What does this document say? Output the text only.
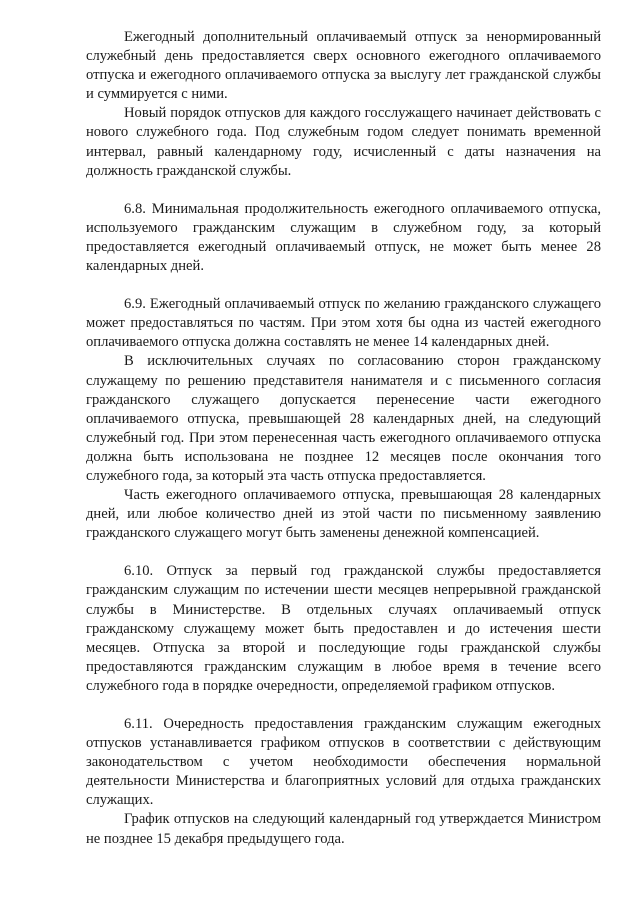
Ежегодный дополнительный оплачиваемый отпуск за ненормированный служебный день предоставляется сверх основного ежегодного оплачиваемого отпуска и ежегодного оплачиваемого отпуска за выслугу лет гражданской службы и суммируется с ними.

Новый порядок отпусков для каждого госслужащего начинает действовать с нового служебного года. Под служебным годом следует понимать временной интервал, равный календарному году, исчисленный с даты назначения на должность гражданской службы.

6.8. Минимальная продолжительность ежегодного оплачиваемого отпуска, используемого гражданским служащим в служебном году, за который предоставляется ежегодный оплачиваемый отпуск, не может быть менее 28 календарных дней.

6.9. Ежегодный оплачиваемый отпуск по желанию гражданского служащего может предоставляться по частям. При этом хотя бы одна из частей ежегодного оплачиваемого отпуска должна составлять не менее 14 календарных дней.

В исключительных случаях по согласованию сторон гражданскому служащему по решению представителя нанимателя и с письменного согласия гражданского служащего допускается перенесение части ежегодного оплачиваемого отпуска, превышающей 28 календарных дней, на следующий служебный год. При этом перенесенная часть ежегодного оплачиваемого отпуска должна быть использована не позднее 12 месяцев после окончания того служебного года, за который эта часть отпуска предоставляется.

Часть ежегодного оплачиваемого отпуска, превышающая 28 календарных дней, или любое количество дней из этой части по письменному заявлению гражданского служащего могут быть заменены денежной компенсацией.

6.10. Отпуск за первый год гражданской службы предоставляется гражданским служащим по истечении шести месяцев непрерывной гражданской службы в Министерстве. В отдельных случаях оплачиваемый отпуск гражданскому служащему может быть предоставлен и до истечения шести месяцев. Отпуска за второй и последующие годы гражданской службы предоставляются гражданским служащим в любое время в течение всего служебного года в порядке очередности, определяемой графиком отпусков.

6.11. Очередность предоставления гражданским служащим ежегодных отпусков устанавливается графиком отпусков в соответствии с действующим законодательством с учетом необходимости обеспечения нормальной деятельности Министерства и благоприятных условий для отдыха гражданских служащих.

График отпусков на следующий календарный год утверждается Министром не позднее 15 декабря предыдущего года.
